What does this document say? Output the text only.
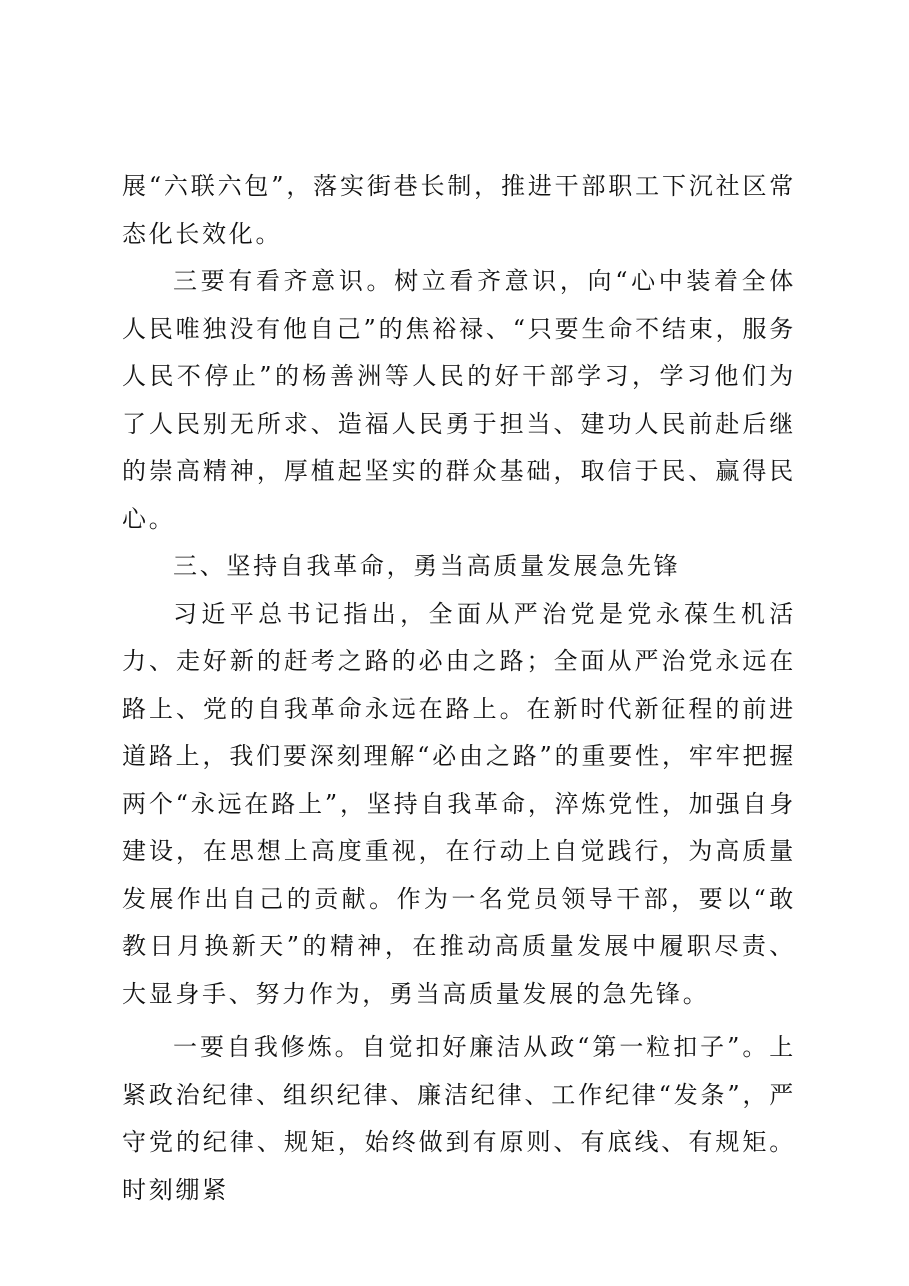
展“六联六包”，落实街巷长制，推进干部职工下沉社区常态化长效化。

三要有看齐意识。树立看齐意识，向“心中装着全体人民唯独没有他自己”的焦裕禄、“只要生命不结束，服务人民不停止”的杨善洲等人民的好干部学习，学习他们为了人民别无所求、造福人民勇于担当、建功人民前赴后继的崇高精神，厚植起坚实的群众基础，取信于民、赢得民心。

三、坚持自我革命，勇当高质量发展急先锋

习近平总书记指出，全面从严治党是党永葆生机活力、走好新的赶考之路的必由之路；全面从严治党永远在路上、党的自我革命永远在路上。在新时代新征程的前进道路上，我们要深刻理解“必由之路”的重要性，牢牢把握两个“永远在路上”，坚持自我革命，淬炼党性，加强自身建设，在思想上高度重视，在行动上自觉践行，为高质量发展作出自己的贡献。作为一名党员领导干部，要以“敢教日月换新天”的精神，在推动高质量发展中履职尽责、大显身手、努力作为，勇当高质量发展的急先锋。

一要自我修炼。自觉扣好廉洁从政“第一粒扣子”。上紧政治纪律、组织纪律、廉洁纪律、工作纪律“发条”，严守党的纪律、规矩，始终做到有原则、有底线、有规矩。时刻绷紧
